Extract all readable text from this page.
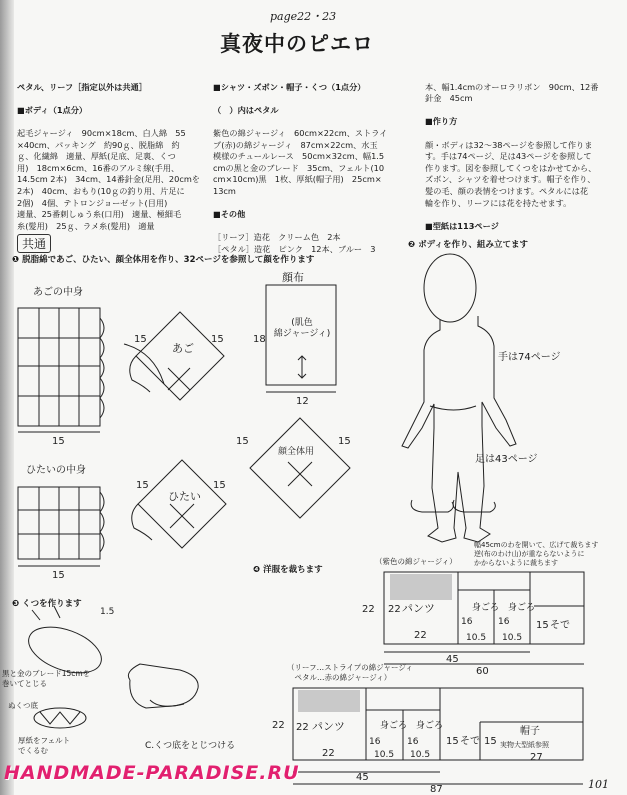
page22・23
真夜中のピエロ

ペタル、リーフ［指定以外は共通］

■ボディ（1点分）

起毛ジャージィ　90cm×18cm、白人綿　55
×40cm、パッキング　約90ｇ、脱脂綿　約
ｇ、化繊綿　適量、厚紙(足底、足裏、くつ
用)　18cm×6cm、16番のアルミ線(手用、
14.5cm 2本)　34cm、14番針金(足用、20cmを
2本)　40cm、おもり(10ｇの釣り用、片足に
2個)　4個、テトロンジョーゼット(目用)
適量、25番刺しゅう糸(口用)　適量、極細毛
糸(髪用)　25ｇ、ラメ糸(髪用)　適量

■シャツ・ズボン・帽子・くつ（1点分）

（　）内はペタル

紫色の綿ジャージィ　60cm×22cm、ストライ
プ(赤)の綿ジャージィ　87cm×22cm、水玉
模様のチュールレース　50cm×32cm、幅1.5
cmの黒と金のブレード　35cm、フェルト(10
cm×10cm)黒　1枚、厚紙(帽子用)　25cm×
13cm

■その他

［リーフ］造花　クリーム色　2本
［ペタル］造花　ピンク　12本、ブルー　3

本、幅1.4cmのオーロラリボン　90cm、12番
針金　45cm

■作り方

顔・ボディは32〜38ページを参照して作りま
す。手は74ページ、足は43ページを参照して
作ります。図を参照してくつをはかせてから、
ズボン、シャツを着せつけます。帽子を作り、
髪の毛、顔の表情をつけます。ペタルには花
輪を作り、リーフには花を持たせます。

■型紙は113ページ

共通
❶ 脱脂綿であご、ひたい、顔全体用を作り、32ページを参照して顔を作ります
❷ ボディを作り、組み立てます
❸ くつを作ります
❹ 洋服を裁ちます
あごの中身
ひたいの中身
顔布
(肌色
綿ジャージィ)
手は74ページ
足は43ページ
黒と金のブレード15cmを
巻いてとじる
ぬくつ底
厚紙をフェルト
でくるむ	C.くつ底をとじつける
幅45cmのわを開いて、広げて裁ちます
逆(布のわけ山)が重ならないように
かからないように裁ちます
（紫色の綿ジャージィ）
（リーフ…ストライプの綿ジャージィ
　ペタル…赤の綿ジャージィ）
15
15	15
あご
18
12
15
15	15
ひたい
15	15
顔全体用
1.5	22 22 パンツ
22
16
身ごろ
10.5
16
身ごろ
10.5
15 そで
45
60
22 22 パンツ
22
16
身ごろ
10.5
16
身ごろ
10.5
15 そで 15
帽子
実物大型紙参照
27
45
87
HANDMADE-PARADISE.RU
101
